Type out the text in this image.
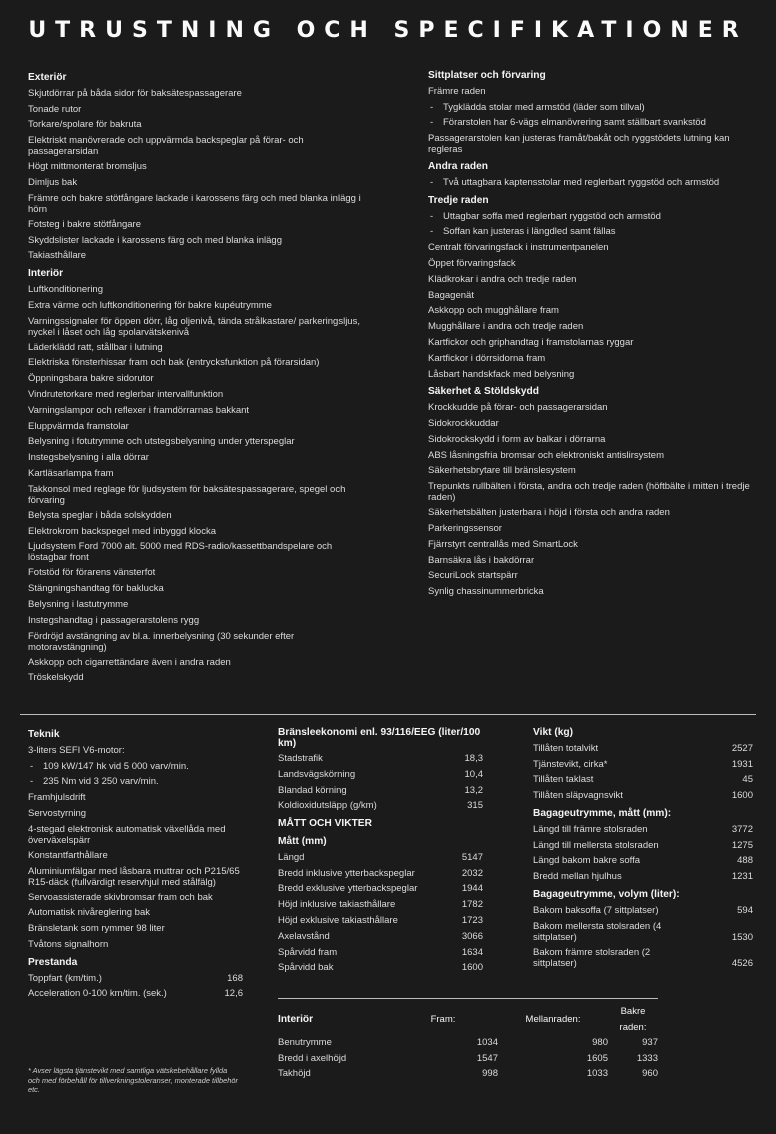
UTRUSTNING OCH SPECIFIKATIONER
Exteriör
Skjutdörrar på båda sidor för baksätespassagerare
Tonade rutor
Torkare/spolare för bakruta
Elektriskt manövrerade och uppvärmda backspeglar på förar- och passagerarsidan
Högt mittmonterat bromsljus
Dimljus bak
Främre och bakre stötfångare lackade i karossens färg och med blanka inlägg i hörn
Fotsteg i bakre stötfångare
Skyddslister lackade i karossens färg och med blanka inlägg
Takiasthållare
Interiör
Luftkonditionering
Extra värme och luftkonditionering för bakre kupéutrymme
Varningssignaler för öppen dörr, låg oljenivå, tända strålkastare/ parkeringsljus, nyckel i låset och låg spolarvätskenivå
Läderklädd ratt, stållbar i lutning
Elektriska fönsterhissar fram och bak (entrycksfunktion på förarsidan)
Öppningsbara bakre sidorutor
Vindrutetorkare med reglerbar intervallfunktion
Varningslampor och reflexer i framdörrarnas bakkant
Eluppvärmda framstolar
Belysning i fotutrymme och utstegsbelysning under ytterspeglar
Instegsbelysning i alla dörrar
Kartläsarlampa fram
Takkonsol med reglage för ljudsystem för baksätespassagerare, spegel och förvaring
Belysta speglar i båda solskydden
Elektrokrom backspegel med inbyggd klocka
Ljudsystem Ford 7000 alt. 5000 med RDS-radio/kassettbandspelare och löstagbar front
Fotstöd för förarens vänsterfot
Stängningshandtag för baklucka
Belysning i lastutrymme
Instegshandtag i passagerarstolens rygg
Fördröjd avstängning av bl.a. innerbelysning (30 sekunder efter motoravstängning)
Askkopp och cigarrettändare även i andra raden
Tröskelskydd
Sittplatser och förvaring
Främre raden
- Tygklädda stolar med armstöd (läder som tillval)
- Förarstolen har 6-vägs elmanövrering samt ställbart svankstöd
- Passagerarstolen kan justeras framåt/bakåt och ryggstödets lutning kan regleras
Andra raden
- Två uttagbara kaptensstolar med reglerbart ryggstöd och armstöd
Tredje raden
- Uttagbar soffa med reglerbart ryggstöd och armstöd
- Soffan kan justeras i längdled samt fällas
Centralt förvaringsfack i instrumentpanelen
Öppet förvaringsfack
Klädkrokar i andra och tredje raden
Bagagenät
Askkopp och mugghållare fram
Mugghållare i andra och tredje raden
Kartfickor och griphandtag i framstolarnas ryggar
Kartfickor i dörrsidorna fram
Låsbart handskfack med belysning
Säkerhet & Stöldskydd
Krockkudde på förar- och passagerarsidan
Sidokrockkuddar
Sidokrockskydd i form av balkar i dörrarna
ABS låsningsfria bromsar och elektroniskt antislirsystem
Säkerhetsbrytare till bränslesystem
Trepunkts rullbälten i första, andra och tredje raden (höftbälte i mitten i tredje raden)
Säkerhetsbälten justerbara i höjd i första och andra raden
Parkeringssensor
Fjärrstyrt centrallås med SmartLock
Barnsäkra lås i bakdörrar
SecuriLock startspärr
Synlig chassinummerbricka
Teknik
3-liters SEFI V6-motor:
- 109 kW/147 hk vid 5 000 varv/min.
- 235 Nm vid 3 250 varv/min.
Framhjulsdrift
Servostyrning
4-stegad elektronisk automatisk växellåda med överväxelspärr
Konstantfarthållare
Aluminiumfälgar med låsbara muttrar och P215/65 R15-däck (fullvärdigt reservhjul med stålfälg)
Servoassisterade skivbromsar fram och bak
Automatisk nivåreglering bak
Bränsletank som rymmer 98 liter
Tvåtons signalhorn
Prestanda
Toppfart (km/tim.)	168
Acceleration 0-100 km/tim. (sek.)	12,6
Bränsleekonomi enl. 93/116/EEG (liter/100 km)
Stadstrafik	18,3
Landsvägskörning	10,4
Blandad körning	13,2
Koldioxidutsläpp (g/km)	315
MÅTT OCH VIKTER
Mått (mm)
Längd	5147
Bredd inklusive ytterbackspeglar	2032
Bredd exklusive ytterbackspeglar	1944
Höjd inklusive takiasthållare	1782
Höjd exklusive takiasthållare	1723
Axelavstånd	3066
Spårvidd fram	1634
Spårvidd bak	1600
Vikt (kg)
Tillåten totalvikt	2527
Tjänstevikt, cirka*	1931
Tillåten taklast	45
Tillåten släpvagnsvikt	1600
Bagageutrymme, mått (mm):
Längd till främre stolsraden	3772
Längd till mellersta stolsraden	1275
Längd bakom bakre soffa	488
Bredd mellan hjulhus	1231
Bagageutrymme, volym (liter):
Bakom baksoffa (7 sittplatser)	594
Bakom mellersta stolsraden (4 sittplatser)	1530
Bakom främre stolsraden (2 sittplatser)	4526
Interiör	Fram:	Mellanraden:	Bakre raden:
Benutrymme	1034	980	937
Bredd i axelhöjd	1547	1605	1333
Takhöjd	998	1033	960
* Avser lägsta tjänstevikt med samtliga vätskebehållare fyllda och med förbehåll för tillverkningstoleranser, monterade tillbehör etc.
